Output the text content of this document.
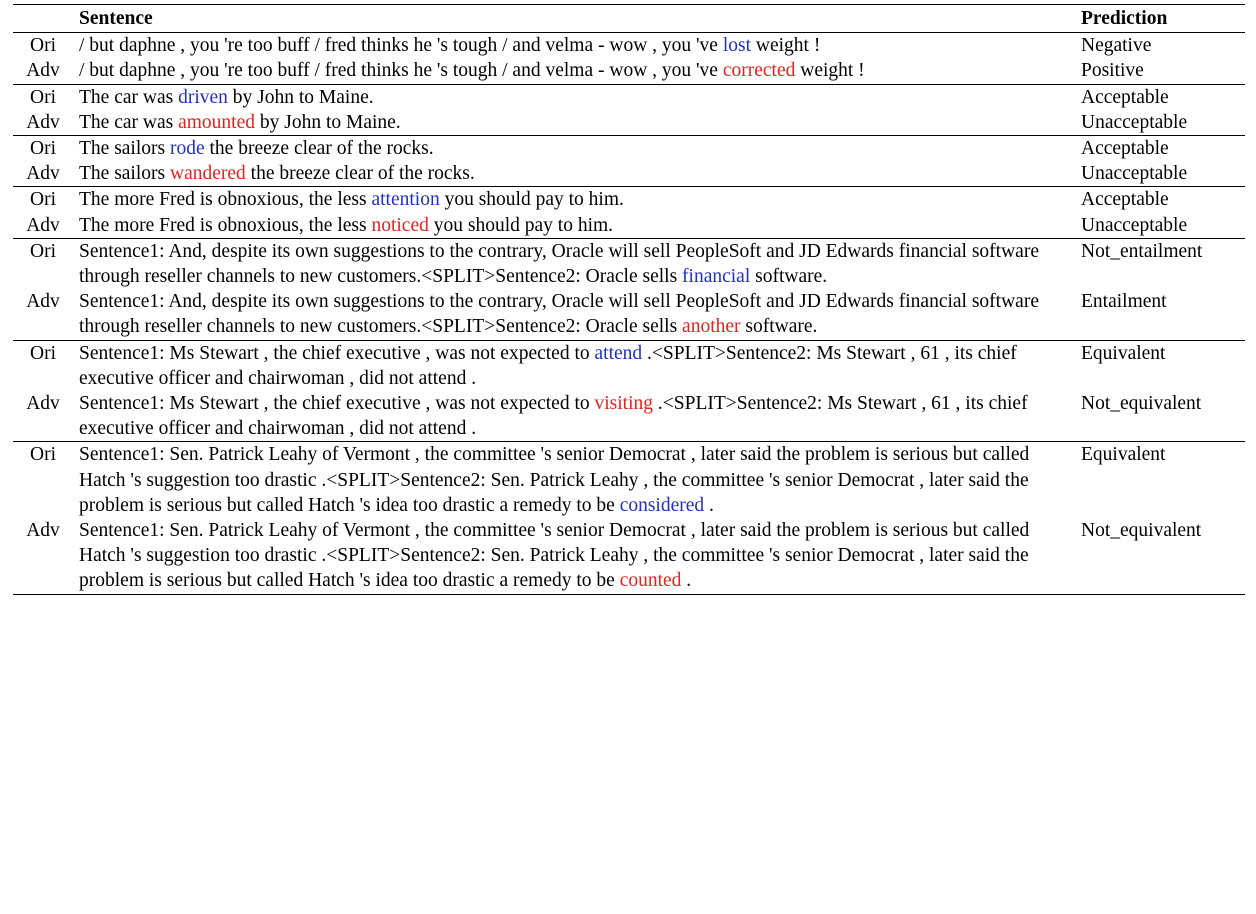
	Sentence	Prediction
Ori	/ but daphne , you 're too buff / fred thinks he 's tough / and velma - wow , you 've lost weight !	Negative
Adv	/ but daphne , you 're too buff / fred thinks he 's tough / and velma - wow , you 've corrected weight !	Positive
Ori	The car was driven by John to Maine.	Acceptable
Adv	The car was amounted by John to Maine.	Unacceptable
Ori	The sailors rode the breeze clear of the rocks.	Acceptable
Adv	The sailors wandered the breeze clear of the rocks.	Unacceptable
Ori	The more Fred is obnoxious, the less attention you should pay to him.	Acceptable
Adv	The more Fred is obnoxious, the less noticed you should pay to him.	Unacceptable
Ori	Sentence1: And, despite its own suggestions to the contrary, Oracle will sell PeopleSoft and JD Edwards financial software through reseller channels to new customers.<SPLIT>Sentence2: Oracle sells financial software.	Not_entailment
Adv	Sentence1: And, despite its own suggestions to the contrary, Oracle will sell PeopleSoft and JD Edwards financial software through reseller channels to new customers.<SPLIT>Sentence2: Oracle sells another software.	Entailment
Ori	Sentence1: Ms Stewart , the chief executive , was not expected to attend .<SPLIT>Sentence2: Ms Stewart , 61 , its chief executive officer and chairwoman , did not attend .	Equivalent
Adv	Sentence1: Ms Stewart , the chief executive , was not expected to visiting .<SPLIT>Sentence2: Ms Stewart , 61 , its chief executive officer and chairwoman , did not attend .	Not_equivalent
Ori	Sentence1: Sen. Patrick Leahy of Vermont , the committee 's senior Democrat , later said the problem is serious but called Hatch 's suggestion too drastic .<SPLIT>Sentence2: Sen. Patrick Leahy , the committee 's senior Democrat , later said the problem is serious but called Hatch 's idea too drastic a remedy to be considered .	Equivalent
Adv	Sentence1: Sen. Patrick Leahy of Vermont , the committee 's senior Democrat , later said the problem is serious but called Hatch 's suggestion too drastic .<SPLIT>Sentence2: Sen. Patrick Leahy , the committee 's senior Democrat , later said the problem is serious but called Hatch 's idea too drastic a remedy to be counted .	Not_equivalent
